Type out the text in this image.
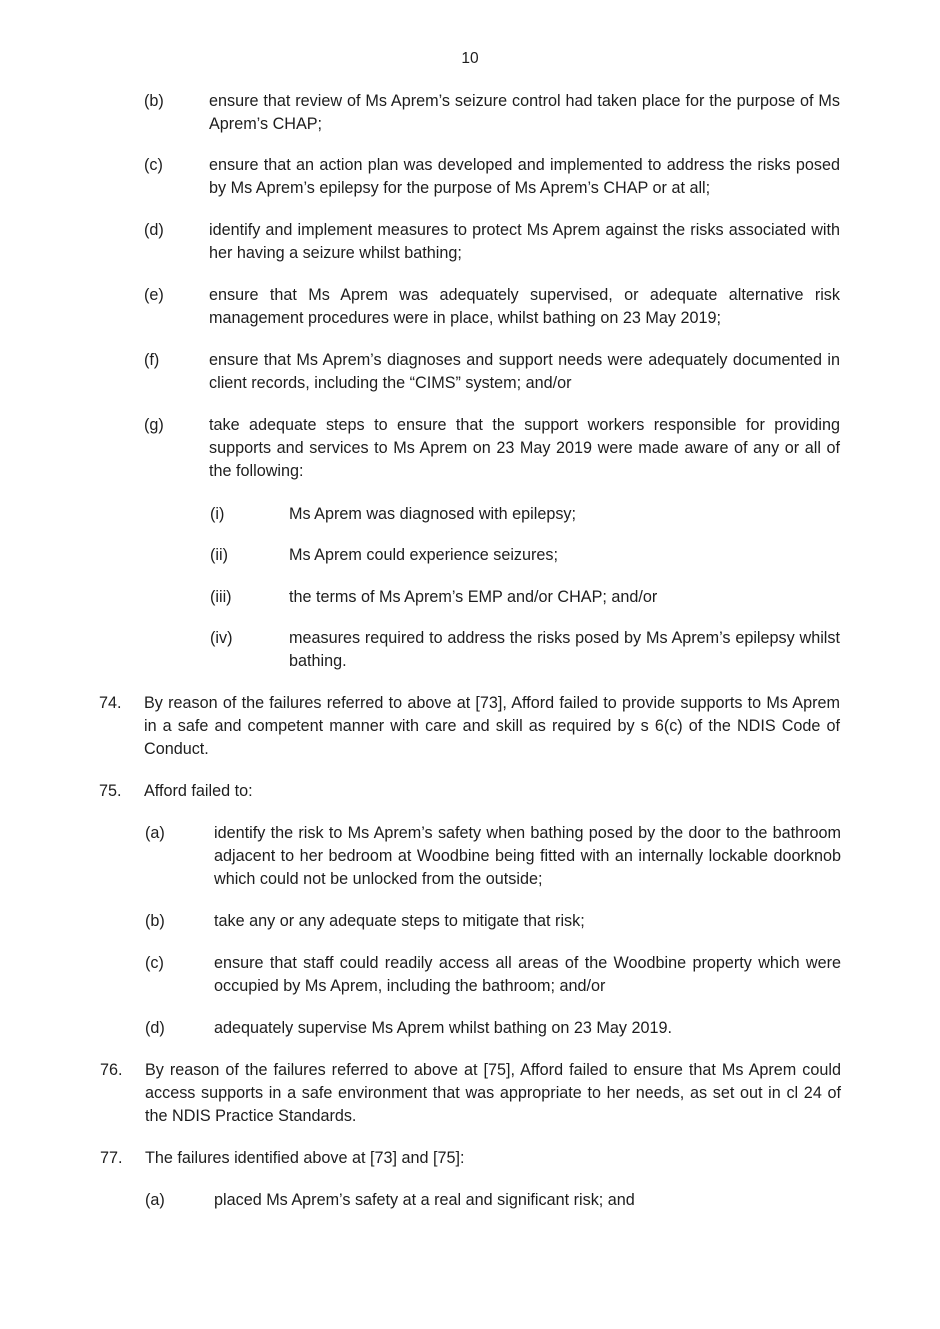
10
(b)	ensure that review of Ms Aprem’s seizure control had taken place for the purpose of Ms Aprem’s CHAP;
(c)	ensure that an action plan was developed and implemented to address the risks posed by Ms Aprem’s epilepsy for the purpose of Ms Aprem’s CHAP or at all;
(d)	identify and implement measures to protect Ms Aprem against the risks associated with her having a seizure whilst bathing;
(e)	ensure that Ms Aprem was adequately supervised, or adequate alternative risk management procedures were in place, whilst bathing on 23 May 2019;
(f)	ensure that Ms Aprem’s diagnoses and support needs were adequately documented in client records, including the “CIMS” system; and/or
(g)	take adequate steps to ensure that the support workers responsible for providing supports and services to Ms Aprem on 23 May 2019 were made aware of any or all of the following:
(i)	Ms Aprem was diagnosed with epilepsy;
(ii)	Ms Aprem could experience seizures;
(iii)	the terms of Ms Aprem’s EMP and/or CHAP; and/or
(iv)	measures required to address the risks posed by Ms Aprem’s epilepsy whilst bathing.
74. By reason of the failures referred to above at [73], Afford failed to provide supports to Ms Aprem in a safe and competent manner with care and skill as required by s 6(c) of the NDIS Code of Conduct.
75. Afford failed to:
(a)	identify the risk to Ms Aprem’s safety when bathing posed by the door to the bathroom adjacent to her bedroom at Woodbine being fitted with an internally lockable doorknob which could not be unlocked from the outside;
(b)	take any or any adequate steps to mitigate that risk;
(c)	ensure that staff could readily access all areas of the Woodbine property which were occupied by Ms Aprem, including the bathroom; and/or
(d)	adequately supervise Ms Aprem whilst bathing on 23 May 2019.
76. By reason of the failures referred to above at [75], Afford failed to ensure that Ms Aprem could access supports in a safe environment that was appropriate to her needs, as set out in cl 24 of the NDIS Practice Standards.
77. The failures identified above at [73] and [75]:
(a)	placed Ms Aprem’s safety at a real and significant risk; and
